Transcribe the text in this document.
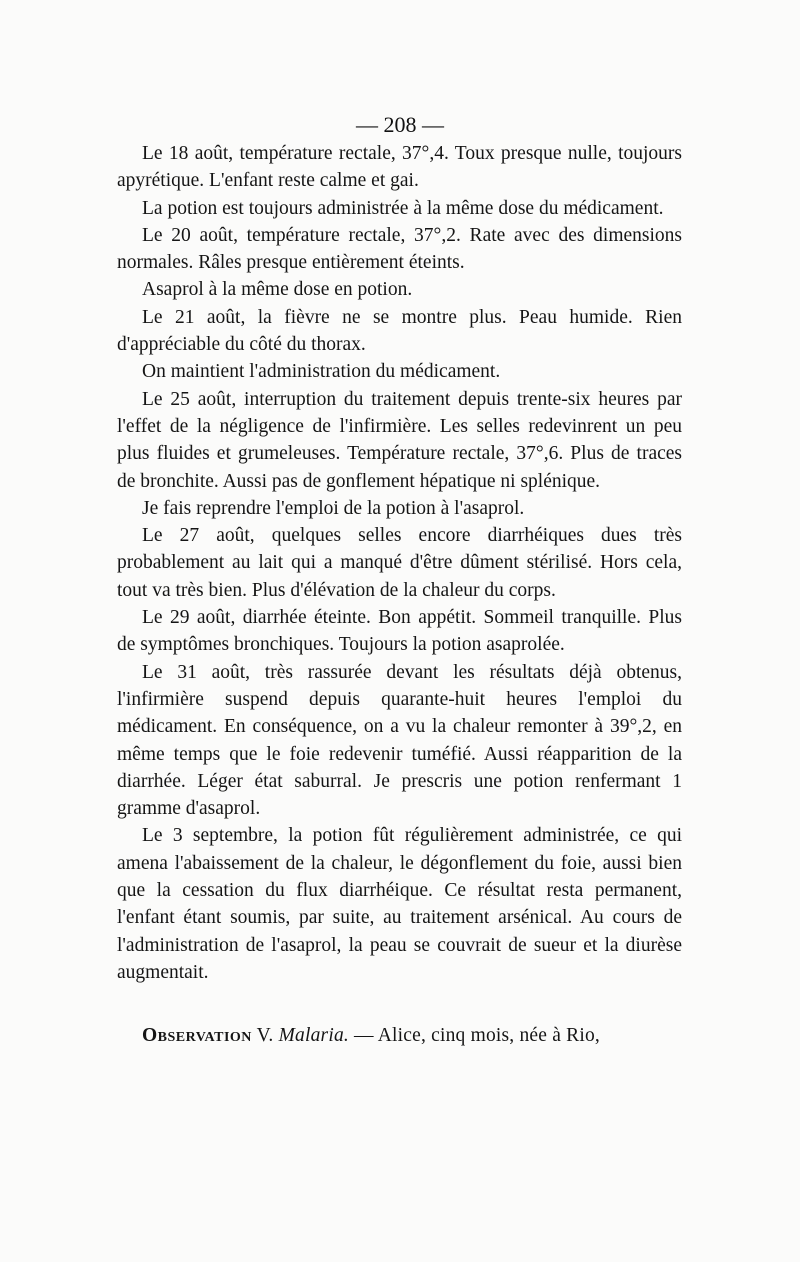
— 208 —

Le 18 août, température rectale, 37°,4. Toux presque nulle, toujours apyrétique. L'enfant reste calme et gai.

La potion est toujours administrée à la même dose du médicament.

Le 20 août, température rectale, 37°,2. Rate avec des dimensions normales. Râles presque entièrement éteints.

Asaprol à la même dose en potion.

Le 21 août, la fièvre ne se montre plus. Peau humide. Rien d'appréciable du côté du thorax.

On maintient l'administration du médicament.

Le 25 août, interruption du traitement depuis trente-six heures par l'effet de la négligence de l'infirmière. Les selles redevinrent un peu plus fluides et grumeleuses. Température rectale, 37°,6. Plus de traces de bronchite. Aussi pas de gonflement hépatique ni splénique.

Je fais reprendre l'emploi de la potion à l'asaprol.

Le 27 août, quelques selles encore diarrhéiques dues très probablement au lait qui a manqué d'être dûment stérilisé. Hors cela, tout va très bien. Plus d'élévation de la chaleur du corps.

Le 29 août, diarrhée éteinte. Bon appétit. Sommeil tranquille. Plus de symptômes bronchiques. Toujours la potion asaprolée.

Le 31 août, très rassurée devant les résultats déjà obtenus, l'infirmière suspend depuis quarante-huit heures l'emploi du médicament. En conséquence, on a vu la chaleur remonter à 39°,2, en même temps que le foie redevenir tuméfié. Aussi réapparition de la diarrhée. Léger état saburral. Je prescris une potion renfermant 1 gramme d'asaprol.

Le 3 septembre, la potion fût régulièrement administrée, ce qui amena l'abaissement de la chaleur, le dégonflement du foie, aussi bien que la cessation du flux diarrhéique. Ce résultat resta permanent, l'enfant étant soumis, par suite, au traitement arsénical. Au cours de l'administration de l'asaprol, la peau se couvrait de sueur et la diurèse augmentait.

Observation V. Malaria. — Alice, cinq mois, née à Rio,
